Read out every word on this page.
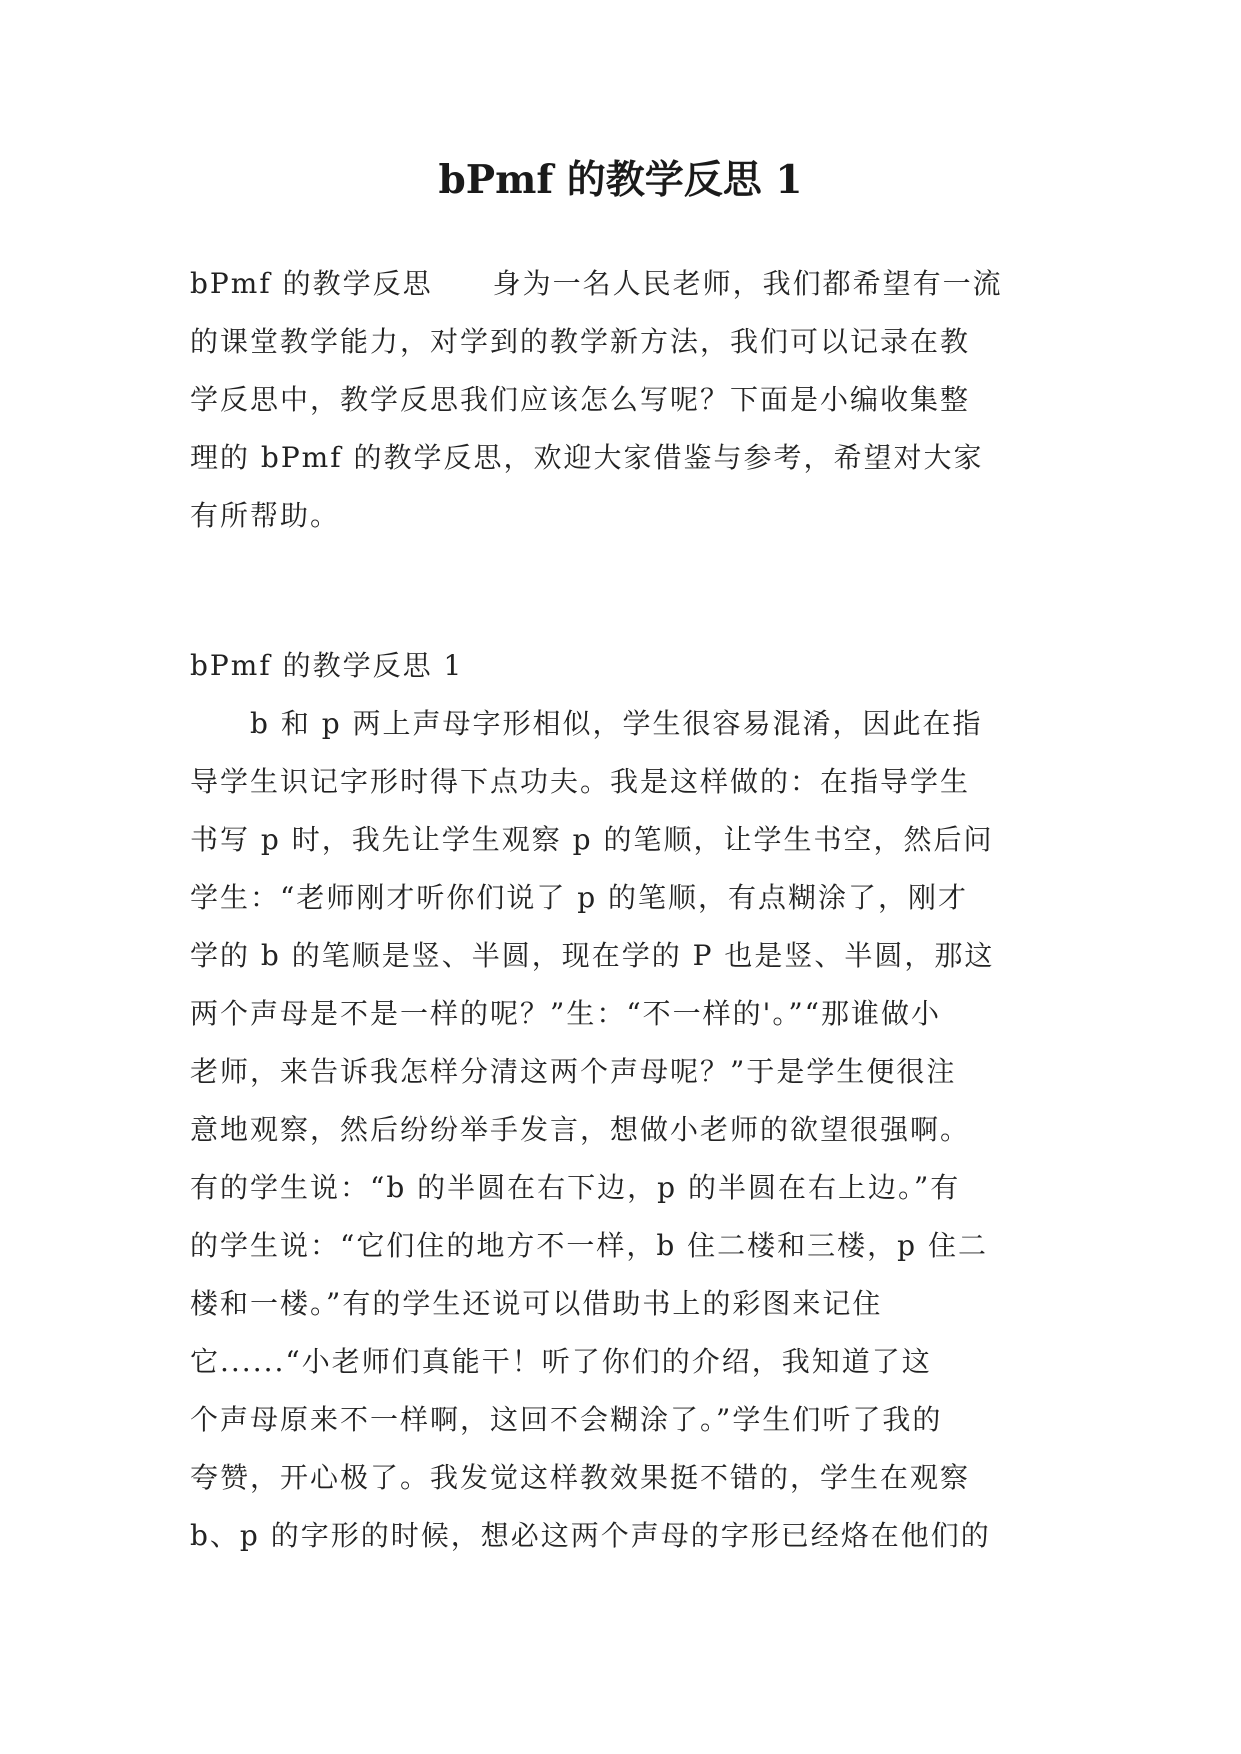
bPmf 的教学反思 1
bPmf 的教学反思　　身为一名人民老师，我们都希望有一流
的课堂教学能力，对学到的教学新方法，我们可以记录在教
学反思中，教学反思我们应该怎么写呢？下面是小编收集整
理的 bPmf 的教学反思，欢迎大家借鉴与参考，希望对大家
有所帮助。
bPmf 的教学反思 1
　　b 和 p 两上声母字形相似，学生很容易混淆，因此在指
导学生识记字形时得下点功夫。我是这样做的：在指导学生
书写 p 时，我先让学生观察 p 的笔顺，让学生书空，然后问
学生：“老师刚才听你们说了 p 的笔顺，有点糊涂了，刚才
学的 b 的笔顺是竖、半圆，现在学的 P 也是竖、半圆，那这
两个声母是不是一样的呢？”生：“不一样的'。”“那谁做小
老师，来告诉我怎样分清这两个声母呢？”于是学生便很注
意地观察，然后纷纷举手发言，想做小老师的欲望很强啊。
有的学生说：“b 的半圆在右下边，p 的半圆在右上边。”有
的学生说：“它们住的地方不一样，b 住二楼和三楼，p 住二
楼和一楼。”有的学生还说可以借助书上的彩图来记住
它......“小老师们真能干！听了你们的介绍，我知道了这
个声母原来不一样啊，这回不会糊涂了。”学生们听了我的
夸赞，开心极了。我发觉这样教效果挺不错的，学生在观察
b、p 的字形的时候，想必这两个声母的字形已经烙在他们的
